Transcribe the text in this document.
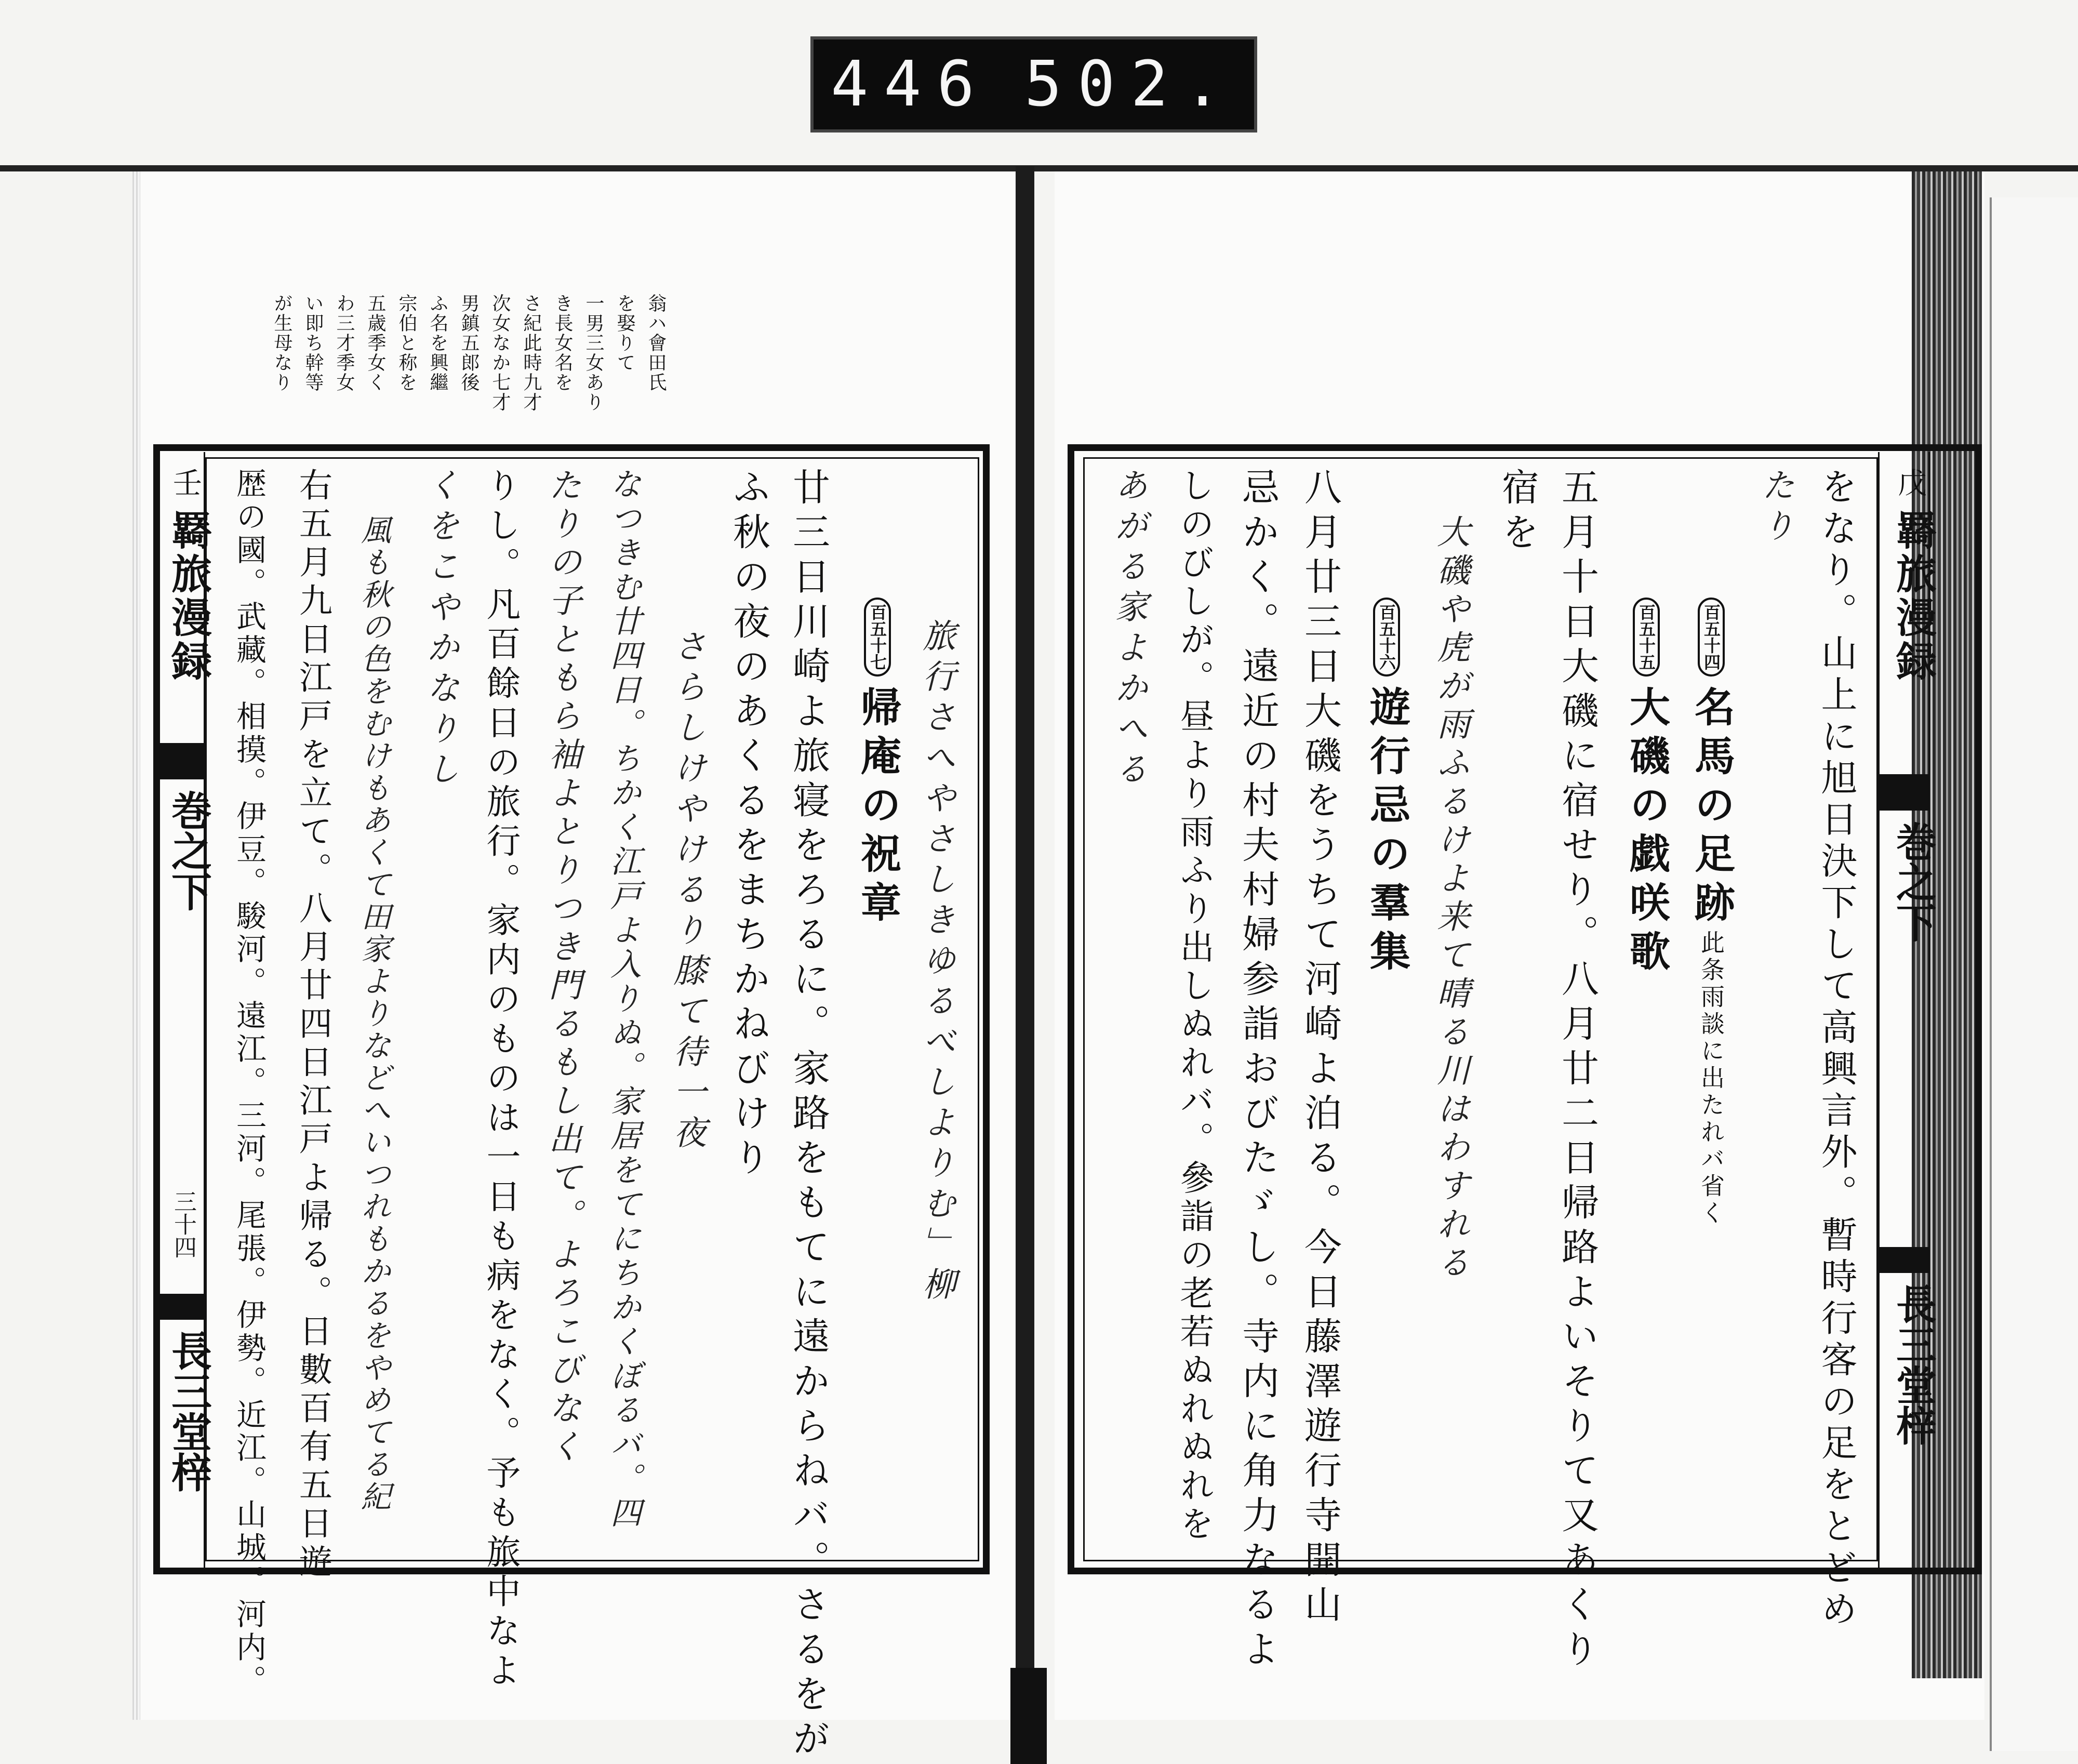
446 502.
壬
羇旅漫録
巻之下
三十四
長三堂梓
翁ハ會田氏
を娶りて
一男三女あり
き長女名を
さ紀此時九才
次女なか七才
男鎮五郎後
ふ名を興繼
宗伯と称を
五歳季女く
わ三才季女
い即ち幹等
が生母なり
旅行さへやさしきゆるべしよりむ」柳
百五十七帰庵の祝章
廿三日川崎よ旅寝をろるに。家路をもてに遠からねバ。さるをが
ふ秋の夜のあくるをまちかねびけり
さらしけやけるり膝て待一夜
なつきむ廿四日。ちかく江戸よ入りぬ。家居をてにちかくぼるバ。四
たりの子ともら袖よとりつき門るもし出て。よろこびなく
りし。凡百餘日の旅行。家内のものは一日も病をなく。予も旅中なよ
くをこやかなりし
風も秋の色をむけもあくて田家よりなどへいつれもかるをやめてる紀
右五月九日江戸を立て。八月廿四日江戸よ帰る。日數百有五日遊
歴の國。武藏。相摸。伊豆。駿河。遠江。三河。尾張。伊勢。近江。山城。河内。	戊
羇旅漫録
巻之下
長三堂梓
をなり。山上に旭日決下して高興言外。暫時行客の足をとどめ
たり
百五十四名馬の足跡此条雨談に出たれバ省く
百五十五大磯の戯咲歌
五月十日大磯に宿せり。八月廿二日帰路よいそりて又あくり
宿を
大磯や虎が雨ふるけよ来て晴る川はわすれる
百五十六遊行忌の羣集
八月廿三日大磯をうちて河崎よ泊る。今日藤澤遊行寺開山
忌かく。遠近の村夫村婦参詣おびたゞし。寺内に角力なるよ
しのびしが。昼より雨ふり出しぬれバ。參詣の老若ぬれぬれを
あがる家よかへる
